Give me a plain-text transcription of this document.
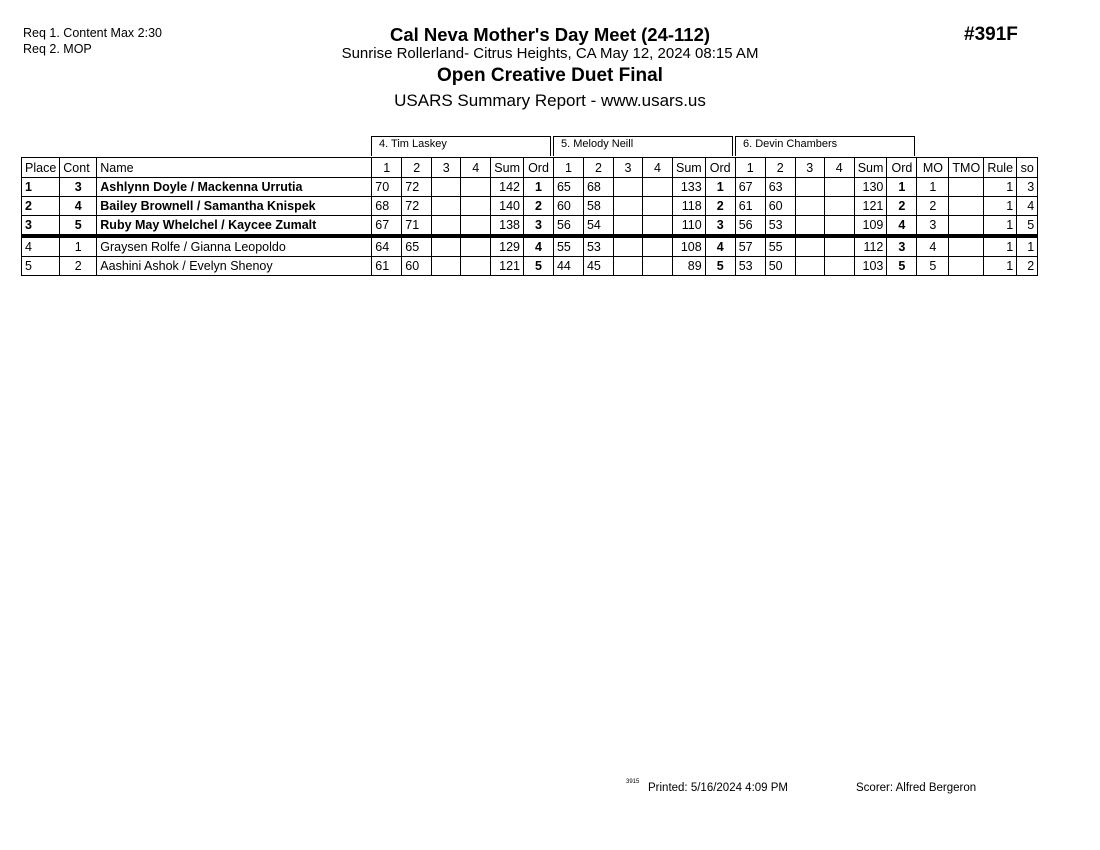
Req 1. Content Max 2:30
Req 2. MOP
Cal Neva Mother's Day Meet (24-112)
Sunrise Rollerland- Citrus Heights, CA May 12, 2024 08:15 AM
Open Creative Duet Final
USARS Summary Report - www.usars.us
#391F
4. Tim Laskey	5. Melody Neill	6. Devin Chambers
Place	Cont	Name	1	2	3	4	Sum	Ord	1	2	3	4	Sum	Ord	1	2	3	4	Sum	Ord	MO	TMO	Rule	so
1	3	Ashlynn Doyle / Mackenna Urrutia	70	72			142	1	65	68			133	1	67	63			130	1	1		1	3
2	4	Bailey Brownell / Samantha Knispek	68	72			140	2	60	58			118	2	61	60			121	2	2		1	4
3	5	Ruby May Whelchel / Kaycee Zumalt	67	71			138	3	56	54			110	3	56	53			109	4	3		1	5
4	1	Graysen Rolfe / Gianna Leopoldo	64	65			129	4	55	53			108	4	57	55			112	3	4		1	1
5	2	Aashini Ashok / Evelyn Shenoy	61	60			121	5	44	45			89	5	53	50			103	5	5		1	2
3915 Printed: 5/16/2024 4:09 PM	Scorer: Alfred Bergeron
